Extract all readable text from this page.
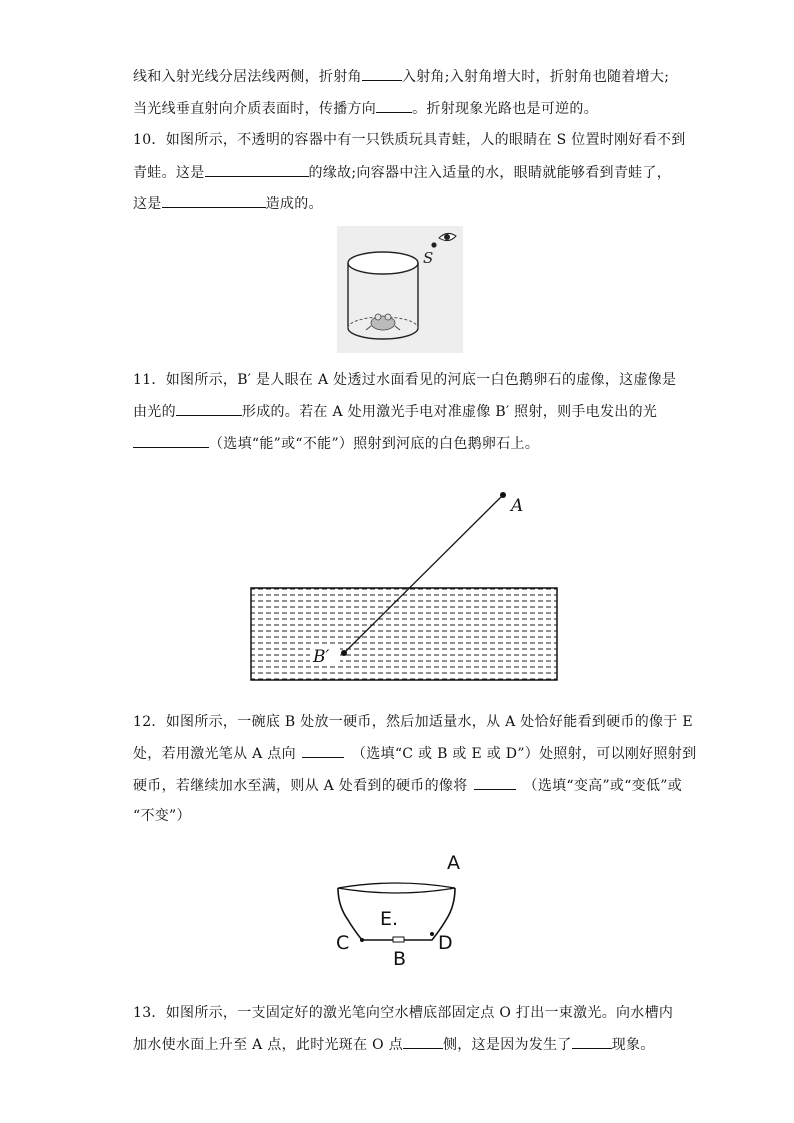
线和入射光线分居法线两侧，折射角	入射角;入射角增大时，折射角也随着增大;
当光线垂直射向介质表面时，传播方向	。折射现象光路也是可逆的。
10．如图所示，不透明的容器中有一只铁质玩具青蛙，人的眼睛在 S 位置时刚好看不到
青蛙。这是	的缘故;向容器中注入适量的水，眼睛就能够看到青蛙了，
这是	造成的。
S
11．如图所示，B′ 是人眼在 A 处透过水面看见的河底一白色鹅卵石的虚像，这虚像是
由光的	形成的。若在 A 处用激光手电对准虚像 B′ 照射，则手电发出的光
（选填“能”或“不能”）照射到河底的白色鹅卵石上。
A
B′
12．如图所示，一碗底 B 处放一硬币，然后加适量水，从 A 处恰好能看到硬币的像于 E
处，若用激光笔从 A 点向	（选填“C 或 B 或 E 或 D”）处照射，可以刚好照射到
硬币，若继续加水至满，则从 A 处看到的硬币的像将	（选填“变高”或“变低”或
“不变”）
A
E.
C	D
B
13．如图所示，一支固定好的激光笔向空水槽底部固定点 O 打出一束激光。向水槽内
加水使水面上升至 A 点，此时光斑在 O 点	侧，这是因为发生了	现象。
